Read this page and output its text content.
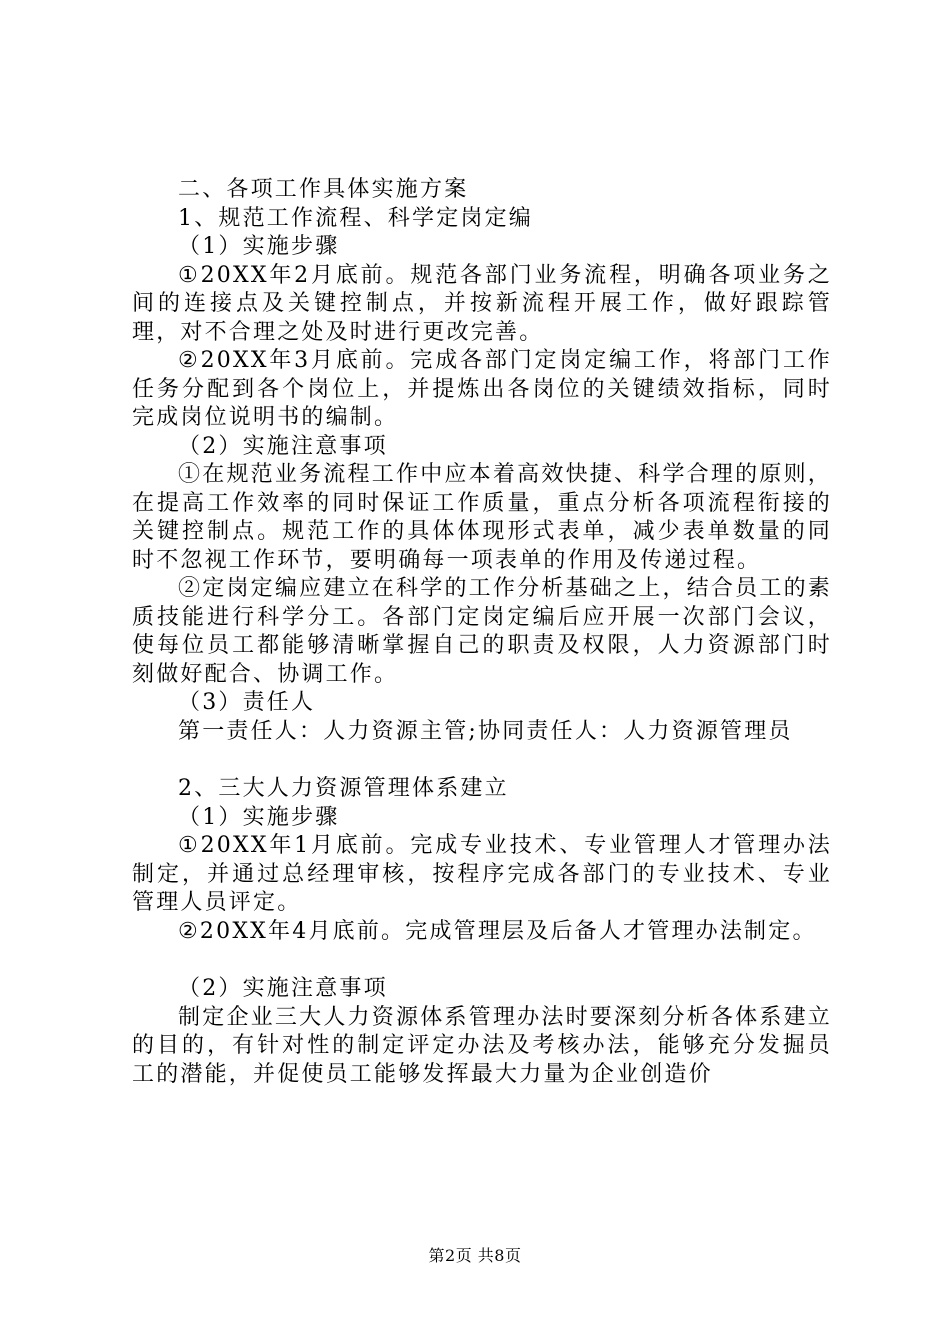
二、各项工作具体实施方案

1、规范工作流程、科学定岗定编

（1）实施步骤

①20XX年2月底前。规范各部门业务流程，明确各项业务之间的连接点及关键控制点，并按新流程开展工作，做好跟踪管理，对不合理之处及时进行更改完善。

②20XX年3月底前。完成各部门定岗定编工作，将部门工作任务分配到各个岗位上，并提炼出各岗位的关键绩效指标，同时完成岗位说明书的编制。

（2）实施注意事项

①在规范业务流程工作中应本着高效快捷、科学合理的原则，在提高工作效率的同时保证工作质量，重点分析各项流程衔接的关键控制点。规范工作的具体体现形式表单，减少表单数量的同时不忽视工作环节，要明确每一项表单的作用及传递过程。

②定岗定编应建立在科学的工作分析基础之上，结合员工的素质技能进行科学分工。各部门定岗定编后应开展一次部门会议，使每位员工都能够清晰掌握自己的职责及权限，人力资源部门时刻做好配合、协调工作。

（3）责任人

第一责任人：人力资源主管;协同责任人：人力资源管理员

2、三大人力资源管理体系建立

（1）实施步骤

①20XX年1月底前。完成专业技术、专业管理人才管理办法制定，并通过总经理审核，按程序完成各部门的专业技术、专业管理人员评定。

②20XX年4月底前。完成管理层及后备人才管理办法制定。

（2）实施注意事项

制定企业三大人力资源体系管理办法时要深刻分析各体系建立的目的，有针对性的制定评定办法及考核办法，能够充分发掘员工的潜能，并促使员工能够发挥最大力量为企业创造价

第2页 共8页
